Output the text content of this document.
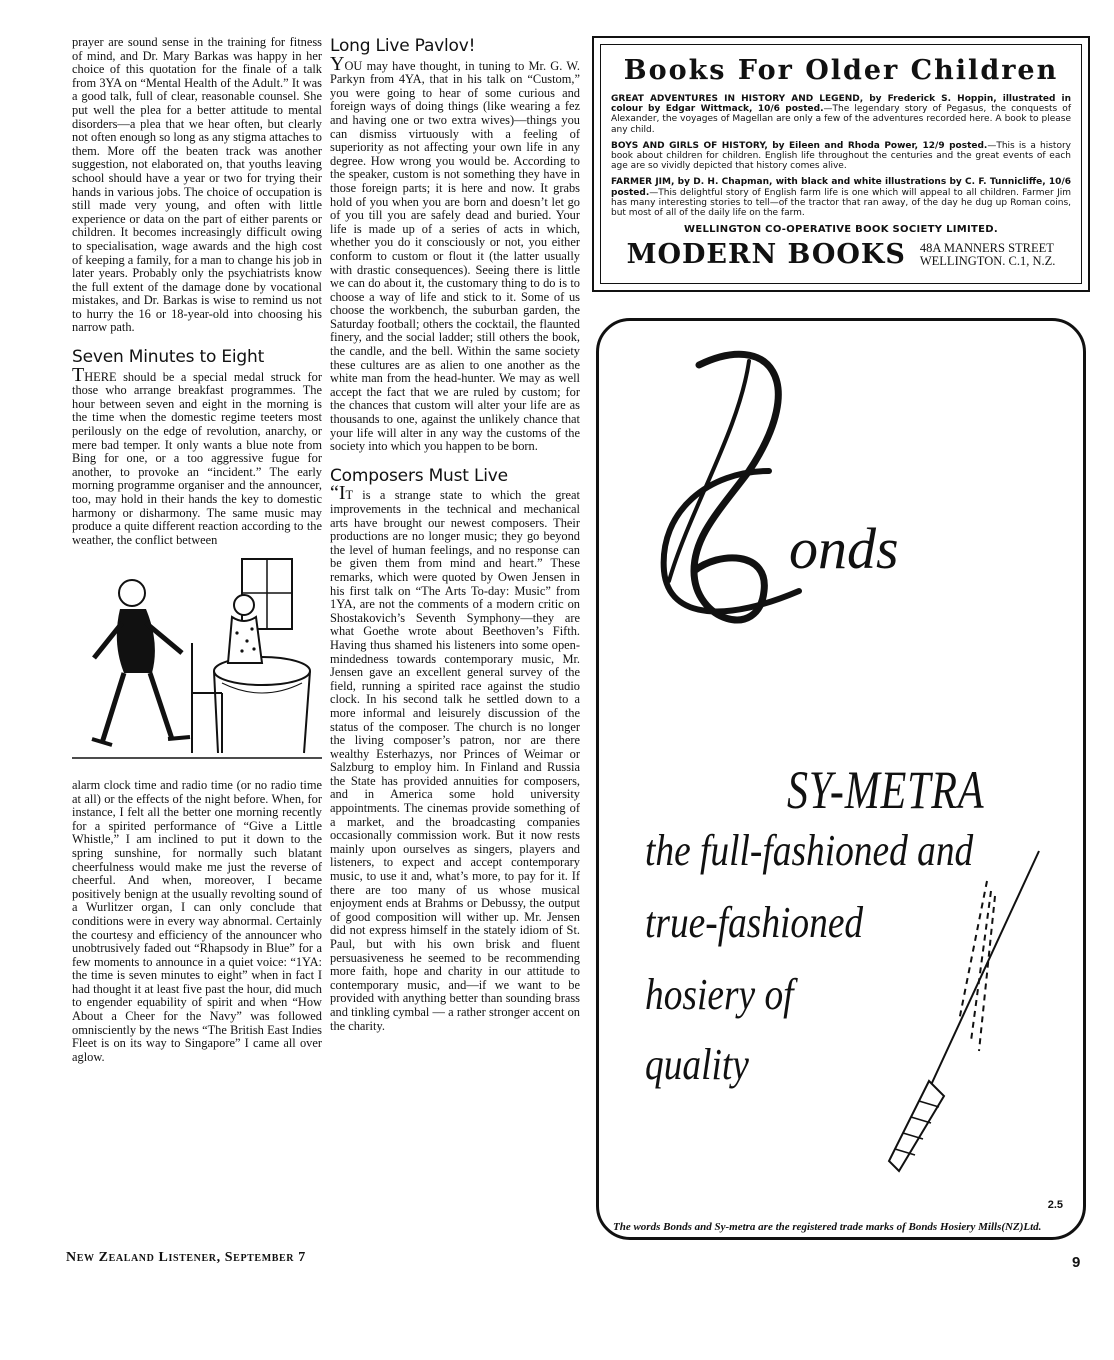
prayer are sound sense in the training for fitness of mind, and Dr. Mary Barkas was happy in her choice of this quotation for the finale of a talk from 3YA on “Mental Health of the Adult.” It was a good talk, full of clear, reasonable counsel. She put well the plea for a better attitude to mental disorders—a plea that we hear often, but clearly not often enough so long as any stigma attaches to them. More off the beaten track was another suggestion, not elaborated on, that youths leaving school should have a year or two for trying their hands in various jobs. The choice of occupation is still made very young, and often with little experience or data on the part of either parents or children. It becomes increasingly difficult owing to specialisation, wage awards and the high cost of keeping a family, for a man to change his job in later years. Probably only the psychiatrists know the full extent of the damage done by vocational mistakes, and Dr. Barkas is wise to remind us not to hurry the 16 or 18-year-old into choosing his narrow path.

Seven Minutes to Eight

THERE should be a special medal struck for those who arrange breakfast programmes. The hour between seven and eight in the morning is the time when the domestic regime teeters most perilously on the edge of revolution, anarchy, or mere bad temper. It only wants a blue note from Bing for one, or a too aggressive fugue for another, to provoke an “incident.” The early morning programme organiser and the announcer, too, may hold in their hands the key to domestic harmony or disharmony. The same music may produce a quite different reaction according to the weather, the conflict between

alarm clock time and radio time (or no radio time at all) or the effects of the night before. When, for instance, I felt all the better one morning recently for a spirited performance of “Give a Little Whistle,” I am inclined to put it down to the spring sunshine, for normally such blatant cheerfulness would make me just the reverse of cheerful. And when, moreover, I became positively benign at the usually revolting sound of a Wurlitzer organ, I can only conclude that conditions were in every way abnormal. Certainly the courtesy and efficiency of the announcer who unobtrusively faded out “Rhapsody in Blue” for a few moments to announce in a quiet voice: “1YA: the time is seven minutes to eight” when in fact I had thought it at least five past the hour, did much to engender equability of spirit and when “How About a Cheer for the Navy” was followed omnisciently by the news “The British East Indies Fleet is on its way to Singapore” I came all over aglow.

Long Live Pavlov!

YOU may have thought, in tuning to Mr. G. W. Parkyn from 4YA, that in his talk on “Custom,” you were going to hear of some curious and foreign ways of doing things (like wearing a fez and having one or two extra wives)—things you can dismiss virtuously with a feeling of superiority as not affecting your own life in any degree. How wrong you would be. According to the speaker, custom is not something they have in those foreign parts; it is here and now. It grabs hold of you when you are born and doesn’t let go of you till you are safely dead and buried. Your life is made up of a series of acts in which, whether you do it consciously or not, you either conform to custom or flout it (the latter usually with drastic consequences). Seeing there is little we can do about it, the customary thing to do is to choose a way of life and stick to it. Some of us choose the workbench, the suburban garden, the Saturday football; others the cocktail, the flaunted finery, and the social ladder; still others the book, the candle, and the bell. Within the same society these cultures are as alien to one another as the white man from the head-hunter. We may as well accept the fact that we are ruled by custom; for the chances that custom will alter your life are as thousands to one, against the unlikely chance that your life will alter in any way the customs of the society into which you happen to be born.

Composers Must Live

“IT is a strange state to which the great improvements in the technical and mechanical arts have brought our newest composers. Their productions are no longer music; they go beyond the level of human feelings, and no response can be given them from mind and heart.” These remarks, which were quoted by Owen Jensen in his first talk on “The Arts To-day: Music” from 1YA, are not the comments of a modern critic on Shostakovich’s Seventh Symphony—they are what Goethe wrote about Beethoven’s Fifth. Having thus shamed his listeners into some open-mindedness towards contemporary music, Mr. Jensen gave an excellent general survey of the field, running a spirited race against the studio clock. In his second talk he settled down to a more informal and leisurely discussion of the status of the composer. The church is no longer the living composer’s patron, nor are there wealthy Esterhazys, nor Princes of Weimar or Salzburg to employ him. In Finland and Russia the State has provided annuities for composers, and in America some hold university appointments. The cinemas provide something of a market, and the broadcasting companies occasionally commission work. But it now rests mainly upon ourselves as singers, players and listeners, to expect and accept contemporary music, to use it and, what’s more, to pay for it. If there are too many of us whose musical enjoyment ends at Brahms or Debussy, the output of good composition will wither up. Mr. Jensen did not express himself in the stately idiom of St. Paul, but with his own brisk and fluent persuasiveness he seemed to be recommending more faith, hope and charity in our attitude to contemporary music, and—if we want to be provided with anything better than sounding brass and tinkling cymbal — a rather stronger accent on the charity.

Books For Older Children

GREAT ADVENTURES IN HISTORY AND LEGEND, by Frederick S. Hoppin, illustrated in colour by Edgar Wittmack, 10/6 posted.—The legendary story of Pegasus, the conquests of Alexander, the voyages of Magellan are only a few of the adventures recorded here. A book to please any child.

BOYS AND GIRLS OF HISTORY, by Eileen and Rhoda Power, 12/9 posted.—This is a history book about children for children. English life throughout the centuries and the great events of each age are so vividly depicted that history comes alive.

FARMER JIM, by D. H. Chapman, with black and white illustrations by C. F. Tunnicliffe, 10/6 posted.—This delightful story of English farm life is one which will appeal to all children. Farmer Jim has many interesting stories to tell—of the tractor that ran away, of the day he dug up Roman coins, but most of all of the daily life on the farm.

WELLINGTON CO-OPERATIVE BOOK SOCIETY LIMITED.
MODERN BOOKS 48A MANNERS STREET
WELLINGTON. C.1, N.Z.
onds
SY-METRA
the full-fashioned and
true-fashioned
hosiery of
quality
2.5
The words Bonds and Sy-metra are the registered trade marks of Bonds Hosiery Mills(NZ)Ltd.
New Zealand Listener, September 7	9
